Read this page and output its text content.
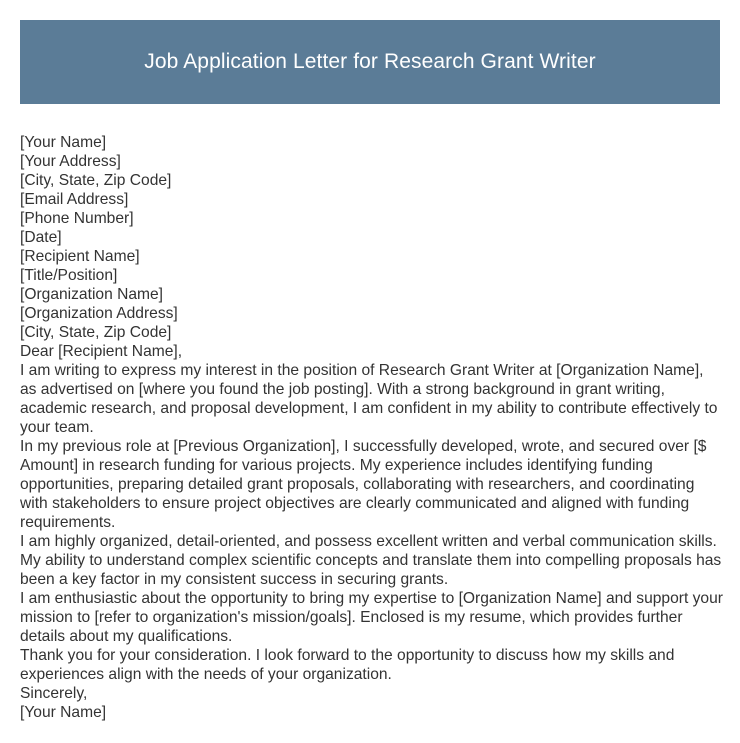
Job Application Letter for Research Grant Writer

[Your Name]

[Your Address]

[City, State, Zip Code]

[Email Address]

[Phone Number]

[Date]

[Recipient Name]

[Title/Position]

[Organization Name]

[Organization Address]

[City, State, Zip Code]

Dear [Recipient Name],

I am writing to express my interest in the position of Research Grant Writer at [Organization Name], as advertised on [where you found the job posting]. With a strong background in grant writing, academic research, and proposal development, I am confident in my ability to contribute effectively to your team.

In my previous role at [Previous Organization], I successfully developed, wrote, and secured over [$ Amount] in research funding for various projects. My experience includes identifying funding opportunities, preparing detailed grant proposals, collaborating with researchers, and coordinating with stakeholders to ensure project objectives are clearly communicated and aligned with funding requirements.

I am highly organized, detail-oriented, and possess excellent written and verbal communication skills. My ability to understand complex scientific concepts and translate them into compelling proposals has been a key factor in my consistent success in securing grants.

I am enthusiastic about the opportunity to bring my expertise to [Organization Name] and support your mission to [refer to organization's mission/goals]. Enclosed is my resume, which provides further details about my qualifications.

Thank you for your consideration. I look forward to the opportunity to discuss how my skills and experiences align with the needs of your organization.

Sincerely,

[Your Name]
